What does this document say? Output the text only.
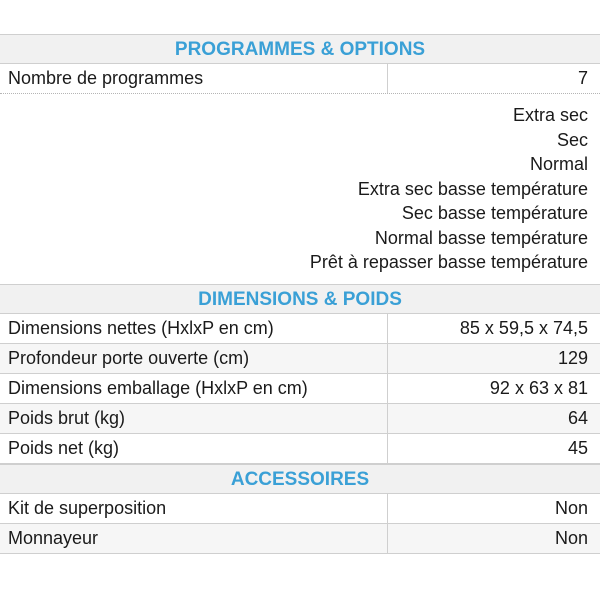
PROGRAMMES & OPTIONS
Nombre de programmes	7
Extra sec
Sec
Normal
Extra sec basse température
Sec basse température
Normal basse température
Prêt à repasser basse température
DIMENSIONS & POIDS
Dimensions nettes (HxlxP en cm)	85 x 59,5 x 74,5
Profondeur porte ouverte (cm)	129
Dimensions emballage (HxlxP en cm)	92 x 63 x 81
Poids brut (kg)	64
Poids net (kg)	45
ACCESSOIRES
Kit de superposition	Non
Monnayeur	Non
